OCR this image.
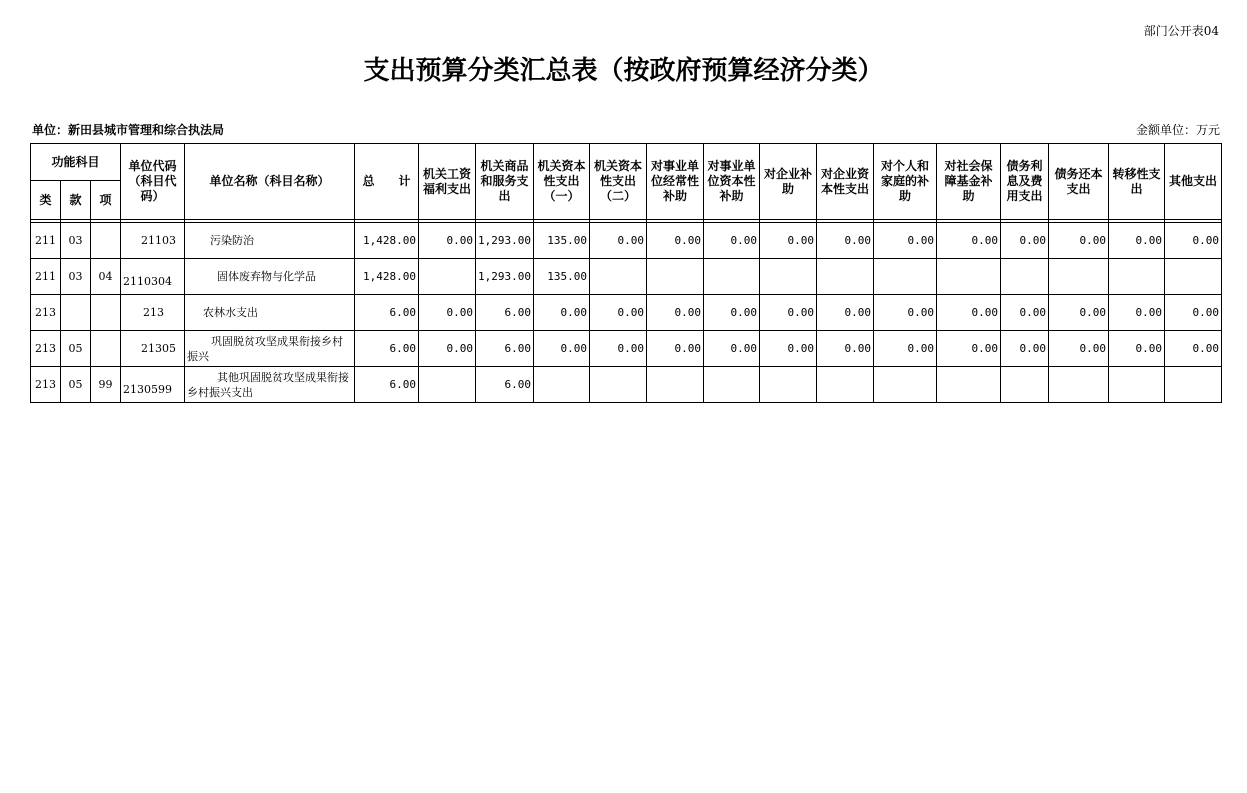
部门公开表04
支出预算分类汇总表（按政府预算经济分类）
单位：新田县城市管理和综合执法局	金额单位：万元
功能科目			单位代码（科目代码）	单位名称（科目名称）	总　　计	机关工资福利支出	机关商品和服务支出	机关资本性支出（一）	机关资本性支出（二）	对事业单位经常性补助	对事业单位资本性补助	对企业补助	对企业资本性支出	对个人和家庭的补助	对社会保障基金补助	债务利息及费用支出	债务还本支出	转移性支出	其他支出
类	款	项																	

211	03		21103	污染防治	1,428.00	0.00	1,293.00	135.00	0.00	0.00	0.00	0.00	0.00	0.00	0.00	0.00	0.00	0.00	0.00
211	03	04	2110304	固体废弃物与化学品	1,428.00		1,293.00	135.00											
213			213	农林水支出	6.00	0.00	6.00	0.00	0.00	0.00	0.00	0.00	0.00	0.00	0.00	0.00	0.00	0.00	0.00
213	05		21305	巩固脱贫攻坚成果衔接乡村振兴	6.00	0.00	6.00	0.00	0.00	0.00	0.00	0.00	0.00	0.00	0.00	0.00	0.00	0.00	0.00
213	05	99	2130599	其他巩固脱贫攻坚成果衔接乡村振兴支出	6.00		6.00												
